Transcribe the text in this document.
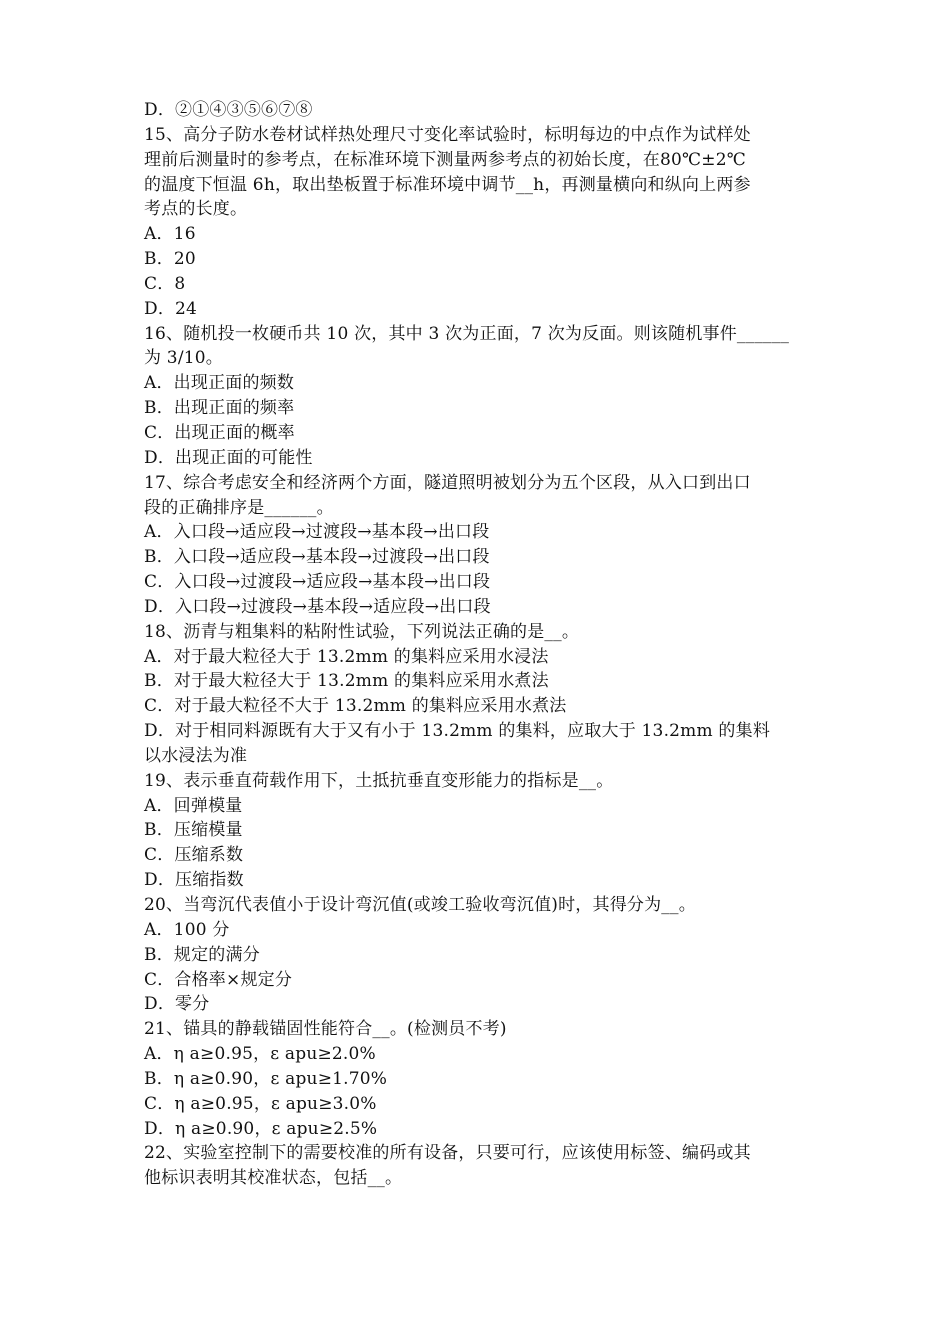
D．②①④③⑤⑥⑦⑧

15、高分子防水卷材试样热处理尺寸变化率试验时，标明每边的中点作为试样处

理前后测量时的参考点，在标准环境下测量两参考点的初始长度，在80℃±2℃

的温度下恒温 6h，取出垫板置于标准环境中调节__h，再测量横向和纵向上两参

考点的长度。

A．16

B．20

C．8

D．24

16、随机投一枚硬币共 10 次，其中 3 次为正面，7 次为反面。则该随机事件______

为 3/10。

A．出现正面的频数

B．出现正面的频率

C．出现正面的概率

D．出现正面的可能性

17、综合考虑安全和经济两个方面，隧道照明被划分为五个区段，从入口到出口

段的正确排序是______。

A．入口段→适应段→过渡段→基本段→出口段

B．入口段→适应段→基本段→过渡段→出口段

C．入口段→过渡段→适应段→基本段→出口段

D．入口段→过渡段→基本段→适应段→出口段

18、沥青与粗集料的粘附性试验，下列说法正确的是__。

A．对于最大粒径大于 13.2mm 的集料应采用水浸法

B．对于最大粒径大于 13.2mm 的集料应采用水煮法

C．对于最大粒径不大于 13.2mm 的集料应采用水煮法

D．对于相同料源既有大于又有小于 13.2mm 的集料，应取大于 13.2mm 的集料

以水浸法为准

19、表示垂直荷载作用下，土抵抗垂直变形能力的指标是__。

A．回弹模量

B．压缩模量

C．压缩系数

D．压缩指数

20、当弯沉代表值小于设计弯沉值(或竣工验收弯沉值)时，其得分为__。

A．100 分

B．规定的满分

C．合格率×规定分

D．零分

21、锚具的静载锚固性能符合__。(检测员不考)

A．η a≥0.95，ε apu≥2.0%

B．η a≥0.90，ε apu≥1.70%

C．η a≥0.95，ε apu≥3.0%

D．η a≥0.90，ε apu≥2.5%

22、实验室控制下的需要校准的所有设备，只要可行，应该使用标签、编码或其

他标识表明其校准状态，包括__。
